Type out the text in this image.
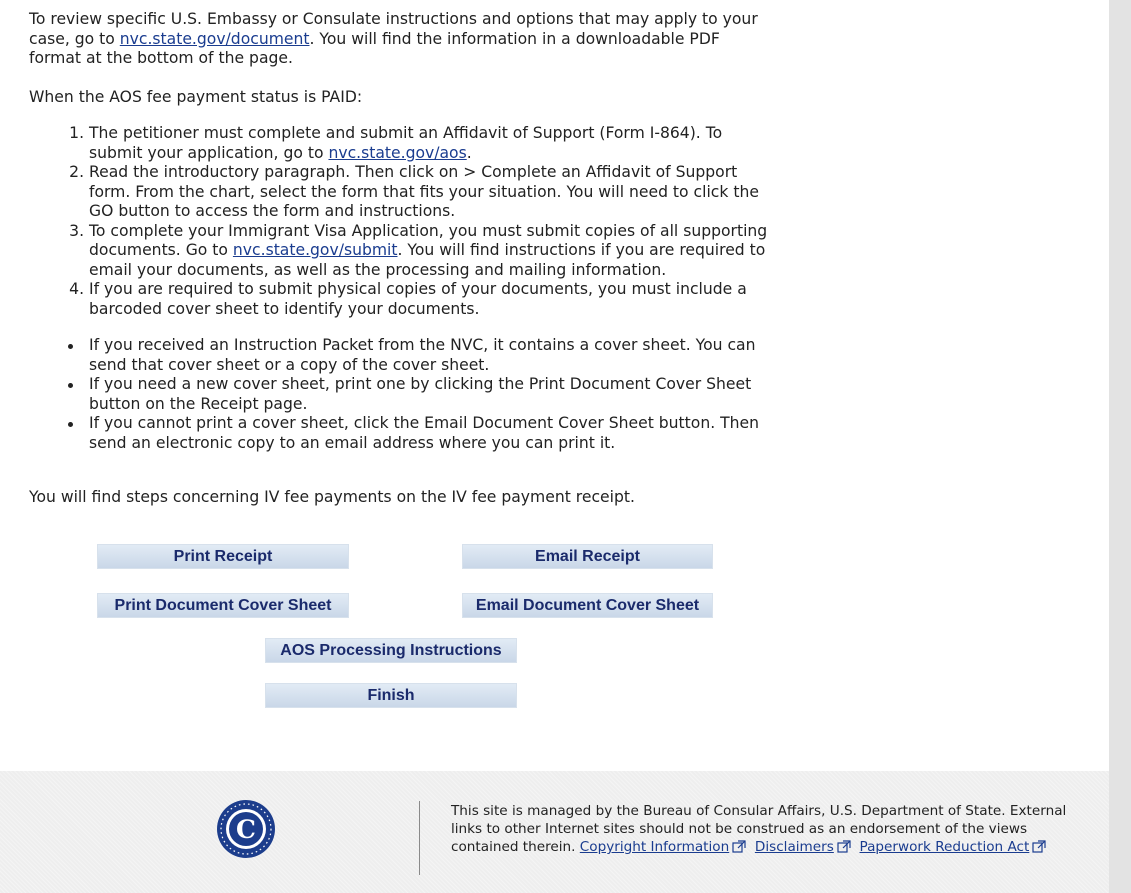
To review specific U.S. Embassy or Consulate instructions and options that may apply to your case, go to nvc.state.gov/document. You will find the information in a downloadable PDF format at the bottom of the page.

When the AOS fee payment status is PAID:

1. The petitioner must complete and submit an Affidavit of Support (Form I-864). To submit your application, go to nvc.state.gov/aos.
2. Read the introductory paragraph. Then click on > Complete an Affidavit of Support form. From the chart, select the form that fits your situation. You will need to click the GO button to access the form and instructions.
3. To complete your Immigrant Visa Application, you must submit copies of all supporting documents. Go to nvc.state.gov/submit. You will find instructions if you are required to email your documents, as well as the processing and mailing information.
4. If you are required to submit physical copies of your documents, you must include a barcoded cover sheet to identify your documents.
If you received an Instruction Packet from the NVC, it contains a cover sheet. You can send that cover sheet or a copy of the cover sheet.
If you need a new cover sheet, print one by clicking the Print Document Cover Sheet button on the Receipt page.
If you cannot print a cover sheet, click the Email Document Cover Sheet button. Then send an electronic copy to an email address where you can print it.

You will find steps concerning IV fee payments on the IV fee payment receipt.

Print Receipt	Email Receipt
Print Document Cover Sheet	Email Document Cover Sheet
AOS Processing Instructions
Finish
C
This site is managed by the Bureau of Consular Affairs, U.S. Department of State. External links to other Internet sites should not be construed as an endorsement of the views contained therein. Copyright Information Disclaimers Paperwork Reduction Act
